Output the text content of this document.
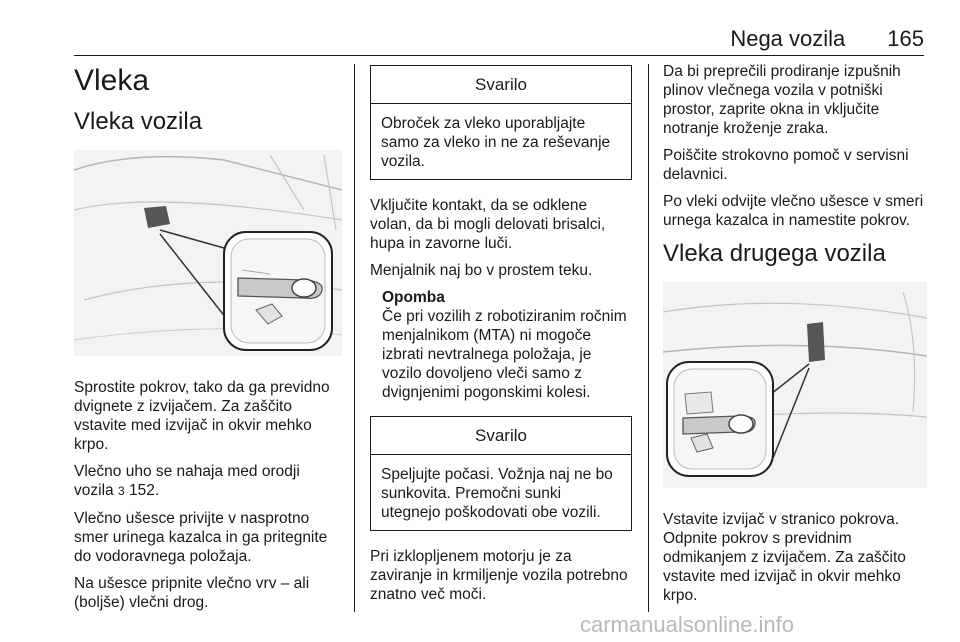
Nega vozila 165
Vleka
Vleka vozila

Sprostite pokrov, tako da ga previdno dvignete z izvijačem. Za zaščito vstavite med izvijač in okvir mehko krpo.

Vlečno uho se nahaja med orodji vozila 3 152.

Vlečno ušesce privijte v nasprotno smer urinega kazalca in ga pritegnite do vodoravnega položaja.

Na ušesce pripnite vlečno vrv – ali (boljše) vlečni drog.

Svarilo
Obroček za vleko uporabljajte samo za vleko in ne za reševanje vozila.

Vključite kontakt, da se odklene volan, da bi mogli delovati brisalci, hupa in zavorne luči.

Menjalnik naj bo v prostem teku.

Opomba
Če pri vozilih z robotiziranim ročnim menjalnikom (MTA) ni mogoče izbrati nevtralnega položaja, je vozilo dovoljeno vleči samo z dvignjenimi pogonskimi kolesi.
Svarilo
Speljujte počasi. Vožnja naj ne bo sunkovita. Premočni sunki utegnejo poškodovati obe vozili.

Pri izklopljenem motorju je za zaviranje in krmiljenje vozila potrebno znatno več moči.

Da bi preprečili prodiranje izpušnih plinov vlečnega vozila v potniški prostor, zaprite okna in vključite notranje kroženje zraka.

Poiščite strokovno pomoč v servisni delavnici.

Po vleki odvijte vlečno ušesce v smeri urnega kazalca in namestite pokrov.

Vleka drugega vozila

Vstavite izvijač v stranico pokrova. Odpnite pokrov s previdnim odmikanjem z izvijačem. Za zaščito vstavite med izvijač in okvir mehko krpo.

carmanualsonline.info
